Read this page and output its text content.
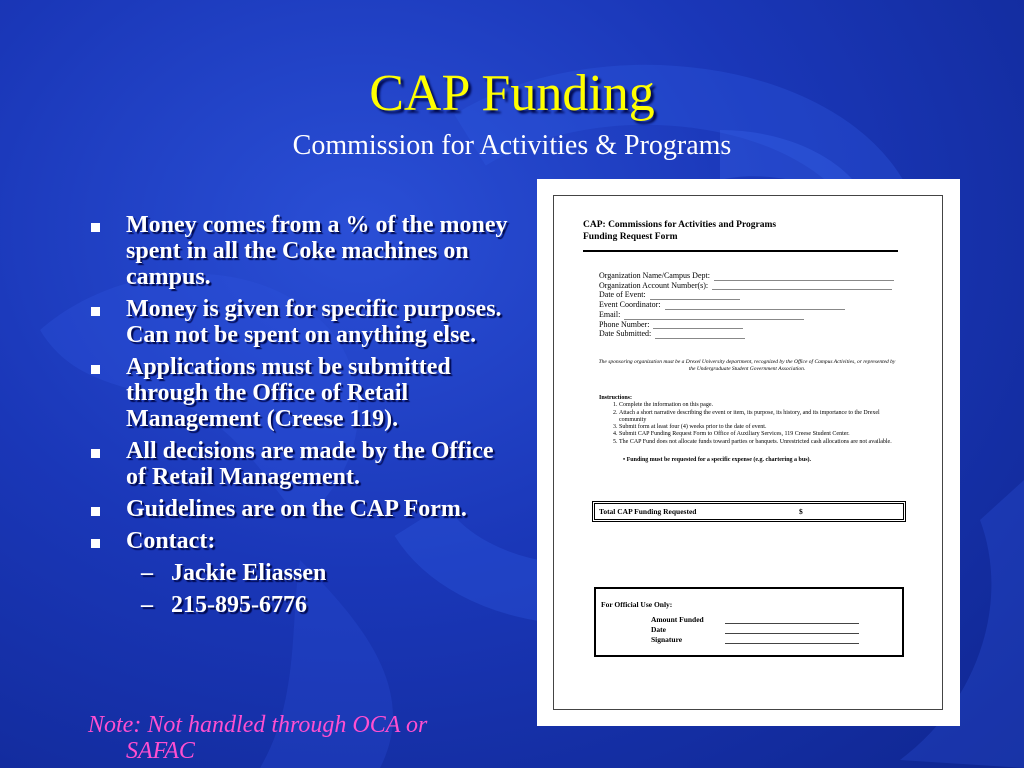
CAP Funding
Commission for Activities & Programs
Money comes from a % of the money spent in all the Coke machines on campus.
Money is given for specific purposes. Can not be spent on anything else.
Applications must be submitted through the Office of Retail Management (Creese 119).
All decisions are made by the Office of Retail Management.
Guidelines are on the CAP Form.
Contact:
– Jackie Eliassen
– 215-895-6776
Note: Not handled through OCA or
SAFAC
CAP: Commissions for Activities and Programs
Funding Request Form
Organization Name/Campus Dept:
Organization Account Number(s):
Date of Event:
Event Coordinator:
Email:
Phone Number:
Date Submitted:
The sponsoring organization must be a Drexel University department, recognized by the Office of Campus Activities, or represented by the Undergraduate Student Government Association.
Instructions:
1. Complete the information on this page.
2. Attach a short narrative describing the event or item, its purpose, its history, and its importance to the Drexel community
3. Submit form at least four (4) weeks prior to the date of event.
4. Submit CAP Funding Request Form to Office of Auxiliary Services, 119 Creese Student Center.
5. The CAP Fund does not allocate funds toward parties or banquets. Unrestricted cash allocations are not available.
• Funding must be requested for a specific expense (e.g. chartering a bus).
Total CAP Funding Requested	$
For Official Use Only:
Amount Funded
Date
Signature
